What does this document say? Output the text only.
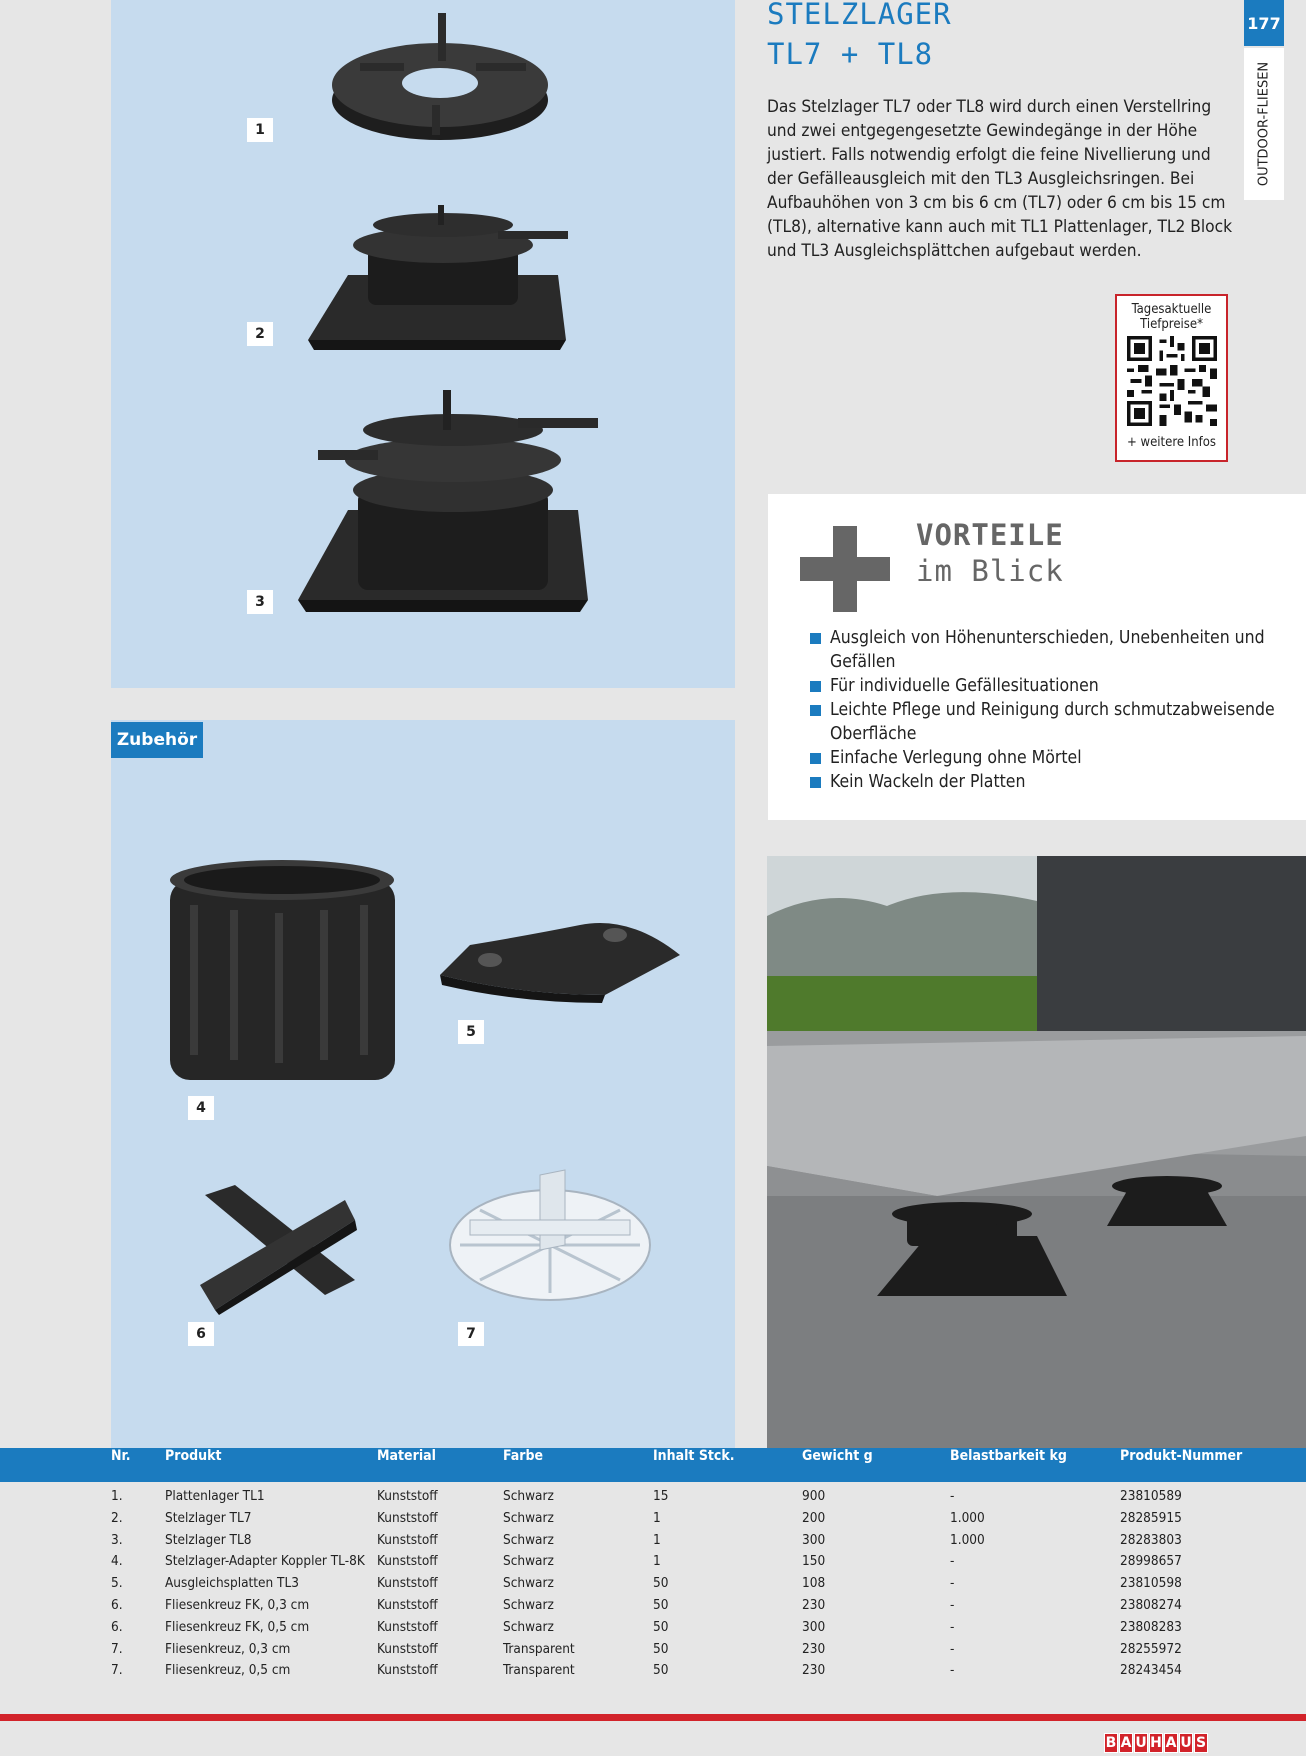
1
2
3
Zubehör
4
5
6	7
STELZLAGER
TL7 + TL8
177
OUTDOOR-FLIESEN

Das Stelzlager TL7 oder TL8 wird durch einen Verstellring und zwei entgegengesetzte Gewindegänge in der Höhe justiert. Falls notwendig erfolgt die feine Nivellierung und der Gefälleausgleich mit den TL3 Ausgleichsringen. Bei Aufbauhöhen von 3 cm bis 6 cm (TL7) oder 6 cm bis 15 cm (TL8), alternative kann auch mit TL1 Plattenlager, TL2 Block und TL3 Ausgleichsplättchen aufgebaut werden.

Tagesaktuelle Tiefpreise*
+ weitere Infos
VORTEILE
im Blick
Ausgleich von Höhenunterschieden, Unebenheiten und Gefällen
Für individuelle Gefällesituationen
Leichte Pflege und Reinigung durch schmutzabweisende Oberfläche
Einfache Verlegung ohne Mörtel
Kein Wackeln der Platten
Nr. Produkt	Material	Farbe	Inhalt Stck.	Gewicht g	Belastbarkeit kg	Produkt-Nummer
1.	Plattenlager TL1	Kunststoff	Schwarz	15	900	-	23810589
2.	Stelzlager TL7	Kunststoff	Schwarz	1	200	1.000	28285915
3.	Stelzlager TL8	Kunststoff	Schwarz	1	300	1.000	28283803
4.	Stelzlager-Adapter Koppler TL-8K Kunststoff	Schwarz	1	150	-	28998657
5.	Ausgleichsplatten TL3	Kunststoff	Schwarz	50	108	-	23810598
6.	Fliesenkreuz FK, 0,3 cm	Kunststoff	Schwarz	50	230	-	23808274
6.	Fliesenkreuz FK, 0,5 cm	Kunststoff	Schwarz	50	300	-	23808283
7.	Fliesenkreuz, 0,3 cm	Kunststoff	Transparent	50	230	-	28255972
7.	Fliesenkreuz, 0,5 cm	Kunststoff	Transparent	50	230	-	28243454
B A U H A U S
